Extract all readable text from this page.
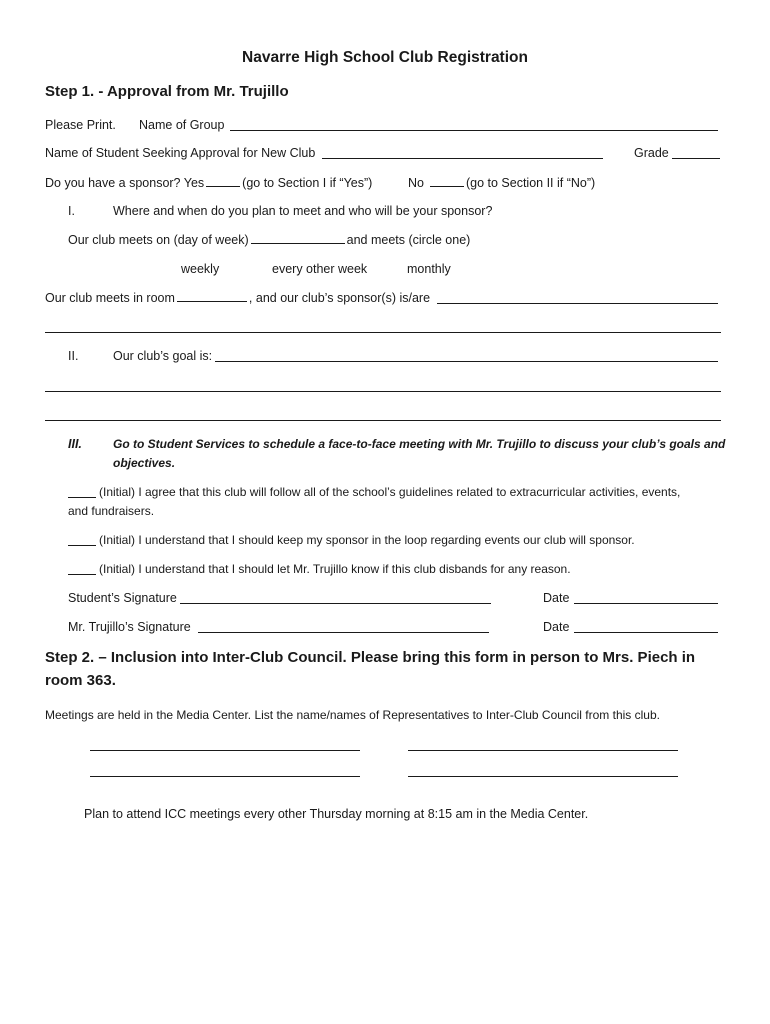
Navarre High School Club Registration
Step 1. - Approval from Mr. Trujillo
Please Print. Name of Group
Name of Student Seeking Approval for New Club	Grade
Do you have a sponsor? Yes	(go to Section I if “Yes”)	No	(go to Section II if “No”)
I.	Where and when do you plan to meet and who will be your sponsor?
Our club meets on (day of week)	and meets (circle one)
weekly	every other week	monthly
Our club meets in room	, and our club’s sponsor(s) is/are
II.	Our club’s goal is:
III.	Go to Student Services to schedule a face-to-face meeting with Mr. Trujillo to discuss your club’s goals and
objectives.
(Initial) I agree that this club will follow all of the school’s guidelines related to extracurricular activities, events,
and fundraisers.
(Initial) I understand that I should keep my sponsor in the loop regarding events our club will sponsor.
(Initial) I understand that I should let Mr. Trujillo know if this club disbands for any reason.
Student’s Signature	Date
Mr. Trujillo’s Signature	Date
Step 2. – Inclusion into Inter-Club Council. Please bring this form in person to Mrs. Piech in
room 363.
Meetings are held in the Media Center. List the name/names of Representatives to Inter-Club Council from this club.
Plan to attend ICC meetings every other Thursday morning at 8:15 am in the Media Center.
